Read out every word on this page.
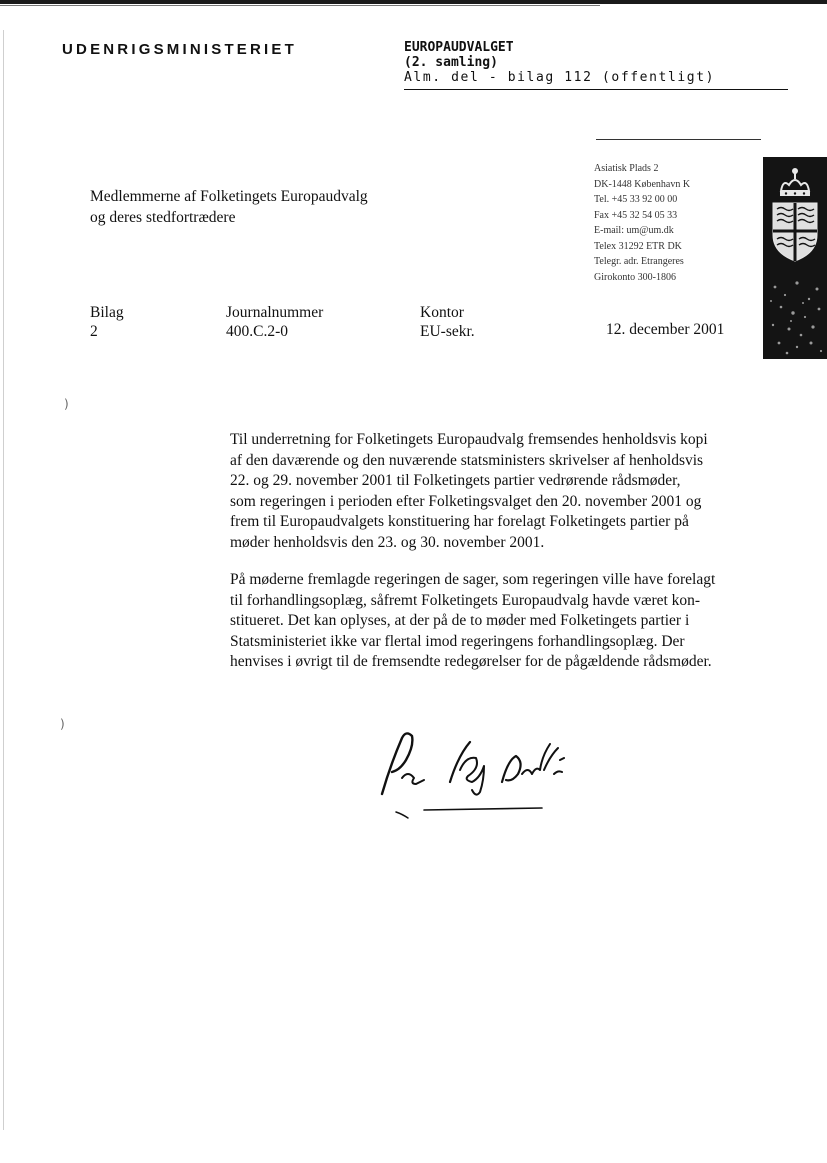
UDENRIGSMINISTERIET	EUROPAUDVALGET
(2. samling)
Alm. del - bilag 112 (offentligt)
Asiatisk Plads 2
DK-1448 København K
Tel. +45 33 92 00 00
Fax +45 32 54 05 33
E-mail: um@um.dk
Telex 31292 ETR DK
Telegr. adr. Etrangeres
Girokonto 300-1806
Medlemmerne af Folketingets Europaudvalg
og deres stedfortrædere
Bilag
2
Journalnummer
400.C.2-0
Kontor
EU-sekr.	12. december 2001

Til underretning for Folketingets Europaudvalg fremsendes henholdsvis kopi
af den daværende og den nuværende statsministers skrivelser af henholdsvis
22. og 29. november 2001 til Folketingets partier vedrørende rådsmøder,
som regeringen i perioden efter Folketingsvalget den 20. november 2001 og
frem til Europaudvalgets konstituering har forelagt Folketingets partier på
møder henholdsvis den 23. og 30. november 2001.

På møderne fremlagde regeringen de sager, som regeringen ville have forelagt
til forhandlingsoplæg, såfremt Folketingets Europaudvalg havde været kon-
stitueret. Det kan oplyses, at der på de to møder med Folketingets partier i
Statsministeriet ikke var flertal imod regeringens forhandlingsoplæg. Der
henvises i øvrigt til de fremsendte redegørelser for de pågældende rådsmøder.

)
)
